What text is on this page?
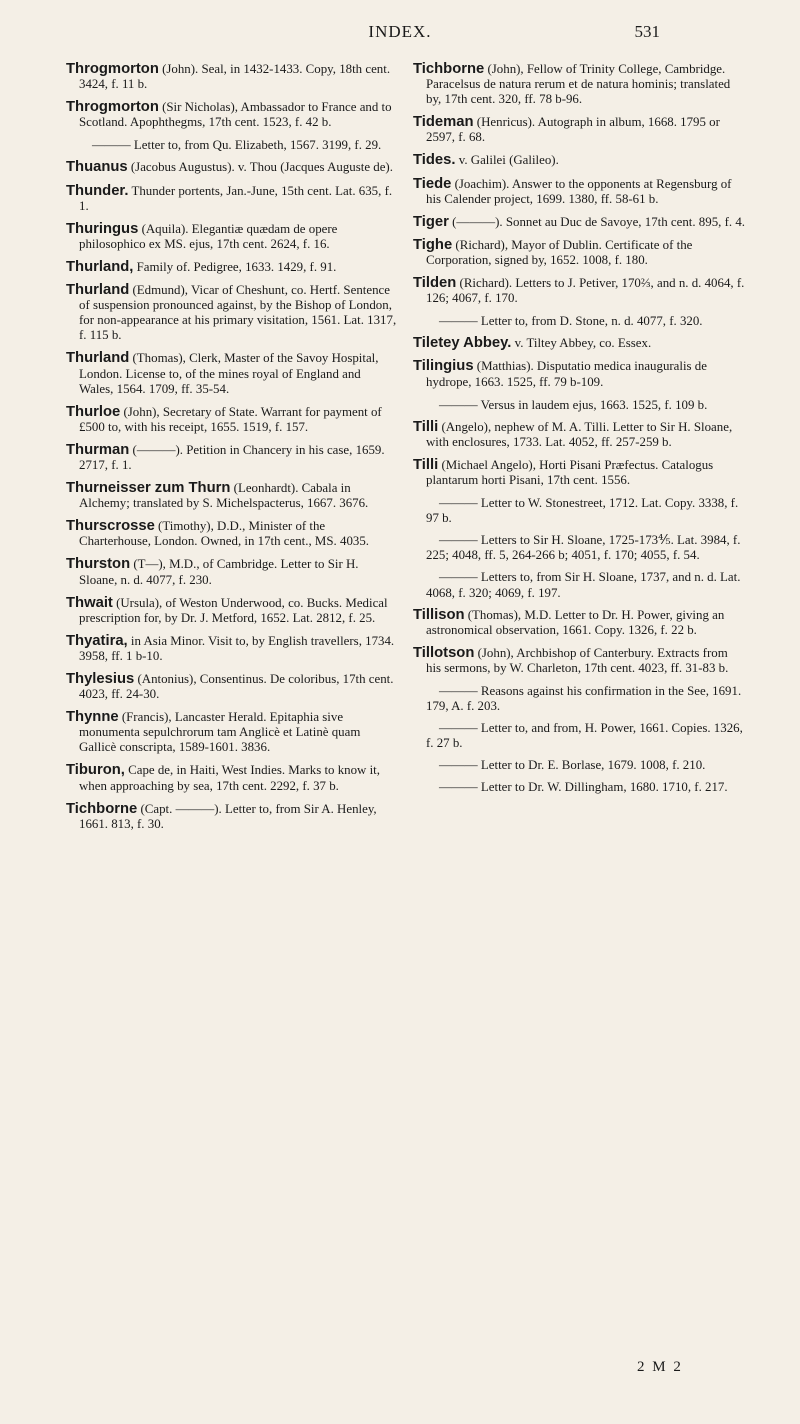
INDEX.	531

Throgmorton (John). Seal, in 1432-1433. Copy, 18th cent. 3424, f. 11 b.

Throgmorton (Sir Nicholas), Ambassador to France and to Scotland. Apophthegms, 17th cent. 1523, f. 42 b.

——— Letter to, from Qu. Elizabeth, 1567. 3199, f. 29.

Thuanus (Jacobus Augustus). v. Thou (Jacques Auguste de).

Thunder. Thunder portents, Jan.-June, 15th cent. Lat. 635, f. 1.

Thuringus (Aquila). Elegantiæ quædam de opere philosophico ex MS. ejus, 17th cent. 2624, f. 16.

Thurland, Family of. Pedigree, 1633. 1429, f. 91.

Thurland (Edmund), Vicar of Cheshunt, co. Hertf. Sentence of suspension pronounced against, by the Bishop of London, for non-appearance at his primary visitation, 1561. Lat. 1317, f. 115 b.

Thurland (Thomas), Clerk, Master of the Savoy Hospital, London. License to, of the mines royal of England and Wales, 1564. 1709, ff. 35-54.

Thurloe (John), Secretary of State. Warrant for payment of £500 to, with his receipt, 1655. 1519, f. 157.

Thurman (———). Petition in Chancery in his case, 1659. 2717, f. 1.

Thurneisser zum Thurn (Leonhardt). Cabala in Alchemy; translated by S. Michelspacterus, 1667. 3676.

Thurscrosse (Timothy), D.D., Minister of the Charterhouse, London. Owned, in 17th cent., MS. 4035.

Thurston (T—), M.D., of Cambridge. Letter to Sir H. Sloane, n. d. 4077, f. 230.

Thwait (Ursula), of Weston Underwood, co. Bucks. Medical prescription for, by Dr. J. Metford, 1652. Lat. 2812, f. 25.

Thyatira, in Asia Minor. Visit to, by English travellers, 1734. 3958, ff. 1 b-10.

Thylesius (Antonius), Consentinus. De coloribus, 17th cent. 4023, ff. 24-30.

Thynne (Francis), Lancaster Herald. Epitaphia sive monumenta sepulchrorum tam Anglicè et Latinè quam Gallicè conscripta, 1589-1601. 3836.

Tiburon, Cape de, in Haiti, West Indies. Marks to know it, when approaching by sea, 17th cent. 2292, f. 37 b.

Tichborne (Capt. ———). Letter to, from Sir A. Henley, 1661. 813, f. 30.

Tichborne (John), Fellow of Trinity College, Cambridge. Paracelsus de natura rerum et de natura hominis; translated by, 17th cent. 320, ff. 78 b-96.

Tideman (Henricus). Autograph in album, 1668. 1795 or 2597, f. 68.

Tides. v. Galilei (Galileo).

Tiede (Joachim). Answer to the opponents at Regensburg of his Calender project, 1699. 1380, ff. 58-61 b.

Tiger (———). Sonnet au Duc de Savoye, 17th cent. 895, f. 4.

Tighe (Richard), Mayor of Dublin. Certificate of the Corporation, signed by, 1652. 1008, f. 180.

Tilden (Richard). Letters to J. Petiver, 170⅔, and n. d. 4064, f. 126; 4067, f. 170.

——— Letter to, from D. Stone, n. d. 4077, f. 320.

Tiletey Abbey. v. Tiltey Abbey, co. Essex.

Tilingius (Matthias). Disputatio medica inauguralis de hydrope, 1663. 1525, ff. 79 b-109.

——— Versus in laudem ejus, 1663. 1525, f. 109 b.

Tilli (Angelo), nephew of M. A. Tilli. Letter to Sir H. Sloane, with enclosures, 1733. Lat. 4052, ff. 257-259 b.

Tilli (Michael Angelo), Horti Pisani Præfectus. Catalogus plantarum horti Pisani, 17th cent. 1556.

——— Letter to W. Stonestreet, 1712. Lat. Copy. 3338, f. 97 b.

——— Letters to Sir H. Sloane, 1725-173⅘. Lat. 3984, f. 225; 4048, ff. 5, 264-266 b; 4051, f. 170; 4055, f. 54.

——— Letters to, from Sir H. Sloane, 1737, and n. d. Lat. 4068, f. 320; 4069, f. 197.

Tillison (Thomas), M.D. Letter to Dr. H. Power, giving an astronomical observation, 1661. Copy. 1326, f. 22 b.

Tillotson (John), Archbishop of Canterbury. Extracts from his sermons, by W. Charleton, 17th cent. 4023, ff. 31-83 b.

——— Reasons against his confirmation in the See, 1691. 179, A. f. 203.

——— Letter to, and from, H. Power, 1661. Copies. 1326, f. 27 b.

——— Letter to Dr. E. Borlase, 1679. 1008, f. 210.

——— Letter to Dr. W. Dillingham, 1680. 1710, f. 217.

2 M 2
